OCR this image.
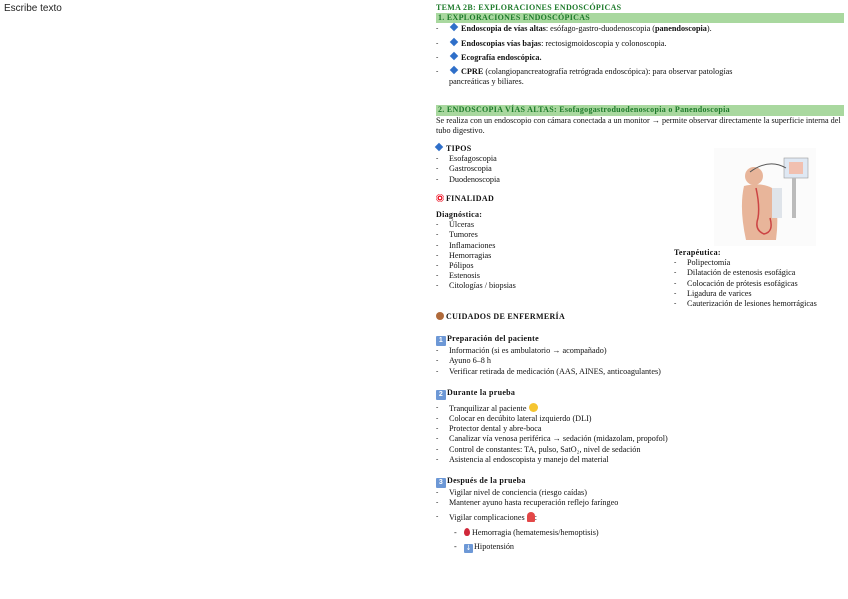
Escribe texto	TEMA 2B: EXPLORACIONES ENDOSCÓPICAS
1. EXPLORACIONES ENDOSCÓPICAS
- Endoscopia de vías altas: esófago-gastro-duodenoscopia (panendoscopia).
- Endoscopias vías bajas: rectosigmoidoscopia y colonoscopia.
- Ecografía endoscópica.
- CPRE (colangiopancreatografía retrógrada endoscópica): para observar patologías
pancreáticas y biliares.
2. ENDOSCOPIA VÍAS ALTAS: Esofagogastroduodenoscopia o Panendoscopia
Se realiza con un endoscopio con cámara conectada a un monitor → permite observar directamente la superficie interna del tubo digestivo.
TIPOS
- Esofagoscopia
- Gastroscopia
- Duodenoscopia
FINALIDAD
Diagnóstica:
- Úlceras
- Tumores
- Inflamaciones
- Hemorragias
- Pólipos
- Estenosis
- Citologías / biopsias
Terapéutica:
- Polipectomía
- Dilatación de estenosis esofágica
- Colocación de prótesis esofágicas
- Ligadura de varices
- Cauterización de lesiones hemorrágicas
CUIDADOS DE ENFERMERÍA
1 Preparación del paciente
- Información (si es ambulatorio → acompañado)
- Ayuno 6–8 h
- Verificar retirada de medicación (AAS, AINES, anticoagulantes)
2 Durante la prueba
- Tranquilizar al paciente
- Colocar en decúbito lateral izquierdo (DLI)
- Protector dental y abre-boca
- Canalizar vía venosa periférica → sedación (midazolam, propofol)
- Control de constantes: TA, pulso, SatO₂, nivel de sedación
- Asistencia al endoscopista y manejo del material
3 Después de la prueba
- Vigilar nivel de conciencia (riesgo caídas)
- Mantener ayuno hasta recuperación reflejo faríngeo
- Vigilar complicaciones :
- Hemorragia (hematemesis/hemoptisis)
- ↓ Hipotensión
